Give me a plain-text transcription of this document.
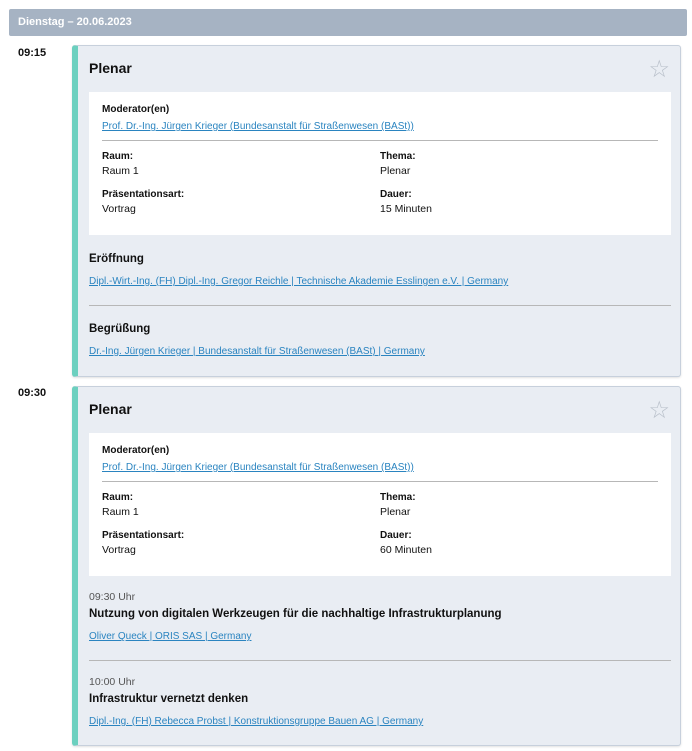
Dienstag – 20.06.2023
09:15
Plenar	☆
Moderator(en)
Prof. Dr.-Ing. Jürgen Krieger (Bundesanstalt für Straßenwesen (BASt))
Raum:
Raum 1
Thema:
Plenar
Präsentationsart:
Vortrag
Dauer:
15 Minuten
Eröffnung
Dipl.-Wirt.-Ing. (FH) Dipl.-Ing. Gregor Reichle | Technische Akademie Esslingen e.V. | Germany
Begrüßung
Dr.-Ing. Jürgen Krieger | Bundesanstalt für Straßenwesen (BASt) | Germany
09:30
Plenar	☆
Moderator(en)
Prof. Dr.-Ing. Jürgen Krieger (Bundesanstalt für Straßenwesen (BASt))
Raum:
Raum 1
Thema:
Plenar
Präsentationsart:
Vortrag
Dauer:
60 Minuten
09:30 Uhr
Nutzung von digitalen Werkzeugen für die nachhaltige Infrastrukturplanung
Oliver Queck | ORIS SAS | Germany
10:00 Uhr
Infrastruktur vernetzt denken
Dipl.-Ing. (FH) Rebecca Probst | Konstruktionsgruppe Bauen AG | Germany
